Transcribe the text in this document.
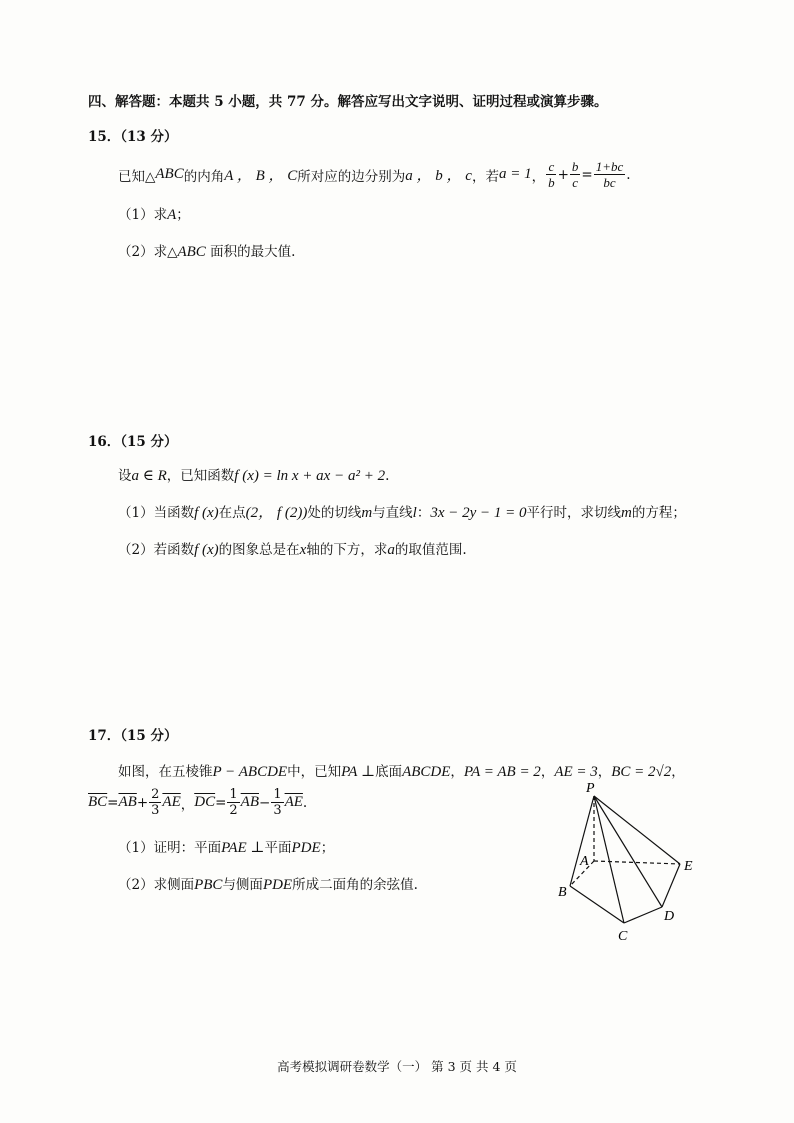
四、解答题：本题共 5 小题，共 77 分。解答应写出文字说明、证明过程或演算步骤。
15．（13 分）
已知△ ABC 的内角 A ， B ， C 所对应的边分别为 a ， b ， c ，若 a = 1 ， $\frac{c}{b} + \frac{b}{c} = \frac{1+bc}{bc}$ .
（1）求A；
（2）求△ABC 面积的最大值.
16．（15 分）
设a ∈ R，已知函数f (x) = ln x + ax − a² + 2.
（1）当函数f (x)在点(2， f (2))处的切线m与直线l：3x − 2y − 1 = 0平行时，求切线m的方程；
（2）若函数f (x)的图象总是在x轴的下方，求a的取值范围.
17．（15 分）
如图，在五棱锥P − ABCDE中，已知PA ⊥底面ABCDE，PA = AB = 2，AE = 3，BC = 2√2，
$\overline{BC} = \overline{AB} + \frac{2}{3} \overline{AE}$ ， $\overline{DC} = \frac{1}{2} \overline{AB} - \frac{1}{3} \overline{AE}$ .
（1）证明：平面PAE ⊥平面PDE；
（2）求侧面PBC与侧面PDE所成二面角的余弦值.
P
A
B
C
D
E
高考模拟调研卷数学（一） 第 3 页 共 4 页
